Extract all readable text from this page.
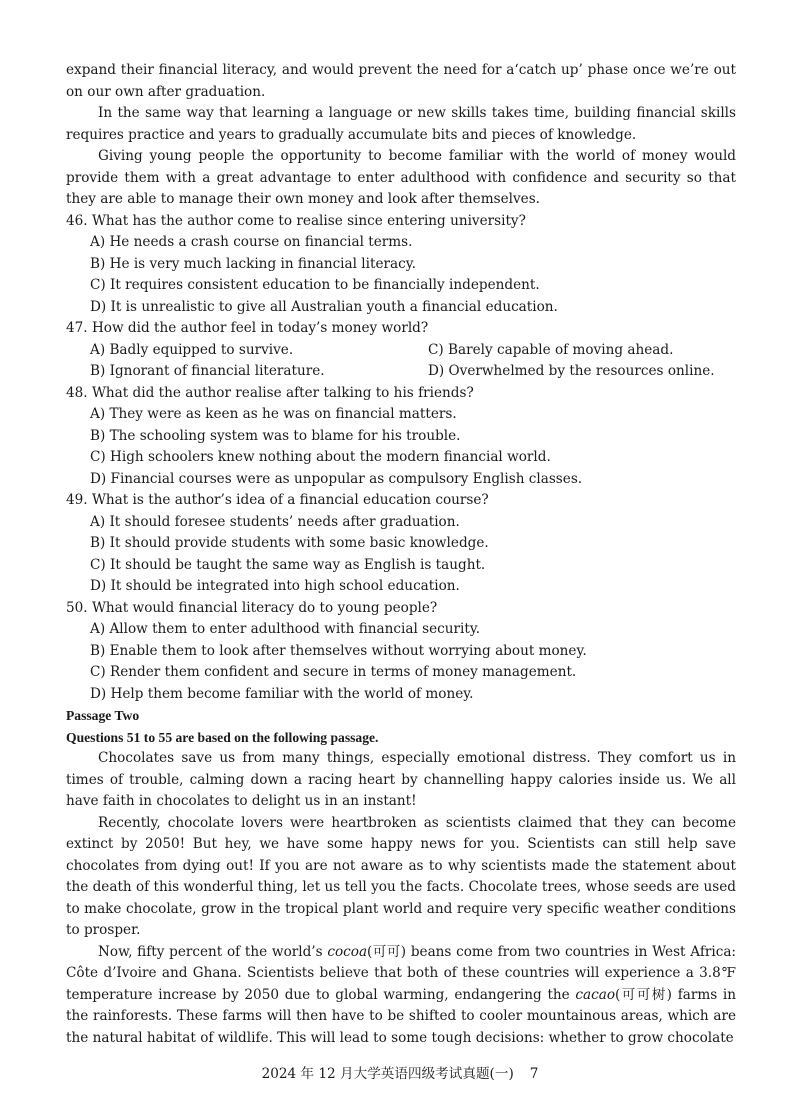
expand their financial literacy, and would prevent the need for a‘catch up’ phase once we’re out on our own after graduation.

In the same way that learning a language or new skills takes time, building financial skills requires practice and years to gradually accumulate bits and pieces of knowledge.

Giving young people the opportunity to become familiar with the world of money would provide them with a great advantage to enter adulthood with confidence and security so that they are able to manage their own money and look after themselves.

46. What has the author come to realise since entering university?

A) He needs a crash course on financial terms.

B) He is very much lacking in financial literacy.

C) It requires consistent education to be financially independent.

D) It is unrealistic to give all Australian youth a financial education.

47. How did the author feel in today’s money world?

A) Badly equipped to survive.	C) Barely capable of moving ahead.
B) Ignorant of financial literature.	D) Overwhelmed by the resources online.

48. What did the author realise after talking to his friends?

A) They were as keen as he was on financial matters.

B) The schooling system was to blame for his trouble.

C) High schoolers knew nothing about the modern financial world.

D) Financial courses were as unpopular as compulsory English classes.

49. What is the author’s idea of a financial education course?

A) It should foresee students’ needs after graduation.

B) It should provide students with some basic knowledge.

C) It should be taught the same way as English is taught.

D) It should be integrated into high school education.

50. What would financial literacy do to young people?

A) Allow them to enter adulthood with financial security.

B) Enable them to look after themselves without worrying about money.

C) Render them confident and secure in terms of money management.

D) Help them become familiar with the world of money.

Passage Two

Questions 51 to 55 are based on the following passage.

Chocolates save us from many things, especially emotional distress. They comfort us in times of trouble, calming down a racing heart by channelling happy calories inside us. We all have faith in chocolates to delight us in an instant!

Recently, chocolate lovers were heartbroken as scientists claimed that they can become extinct by 2050! But hey, we have some happy news for you. Scientists can still help save chocolates from dying out! If you are not aware as to why scientists made the statement about the death of this wonderful thing, let us tell you the facts. Chocolate trees, whose seeds are used to make chocolate, grow in the tropical plant world and require very specific weather conditions to prosper.

Now, fifty percent of the world’s cocoa(可可) beans come from two countries in West Africa: Côte d’Ivoire and Ghana. Scientists believe that both of these countries will experience a 3.8℉ temperature increase by 2050 due to global warming, endangering the cacao(可可树) farms in the rainforests. These farms will then have to be shifted to cooler mountainous areas, which are the natural habitat of wildlife. This will lead to some tough decisions: whether to grow chocolate

2024 年 12 月大学英语四级考试真题(一) 7
